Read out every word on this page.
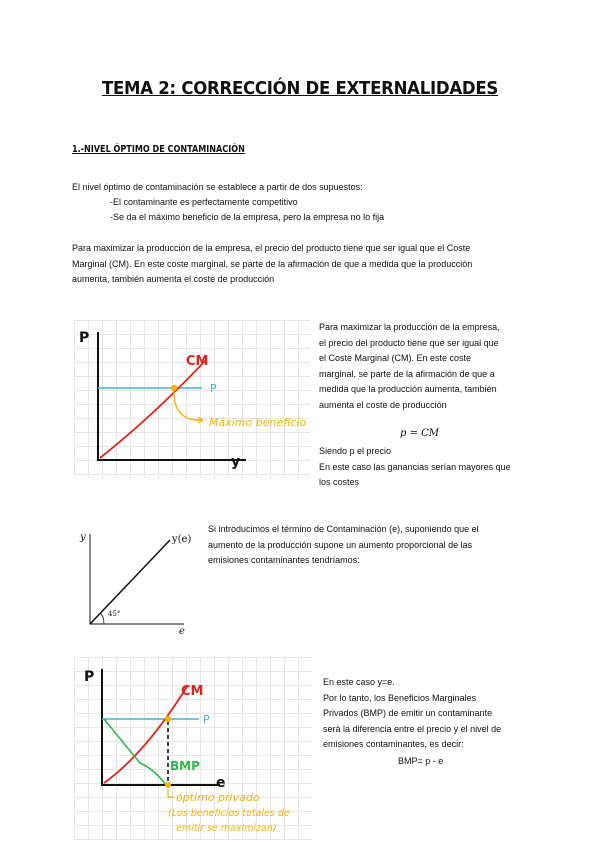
TEMA 2: CORRECCIÓN DE EXTERNALIDADES
1.-NIVEL ÓPTIMO DE CONTAMINACIÓN
El nivel óptimo de contaminación se establece a partir de dos supuestos:
-El contaminante es perfectamente competitivo
-Se da el máximo beneficio de la empresa, pero la empresa no lo fija
Para maximizar la producción de la empresa, el precio del producto tiene que ser igual que el Coste
Marginal (CM). En este coste marginal, se parte de la afirmación de que a medida que la producción
aumenta, también aumenta el coste de producción
P
y
CM
P
Máximo beneficio
Para maximizar la producción de la empresa,
el precio del producto tiene que ser igual que
el Coste Marginal (CM). En este coste
marginal, se parte de la afirmación de que a
medida que la producción aumenta, también
aumenta el coste de producción
p = CM
Siendo p el precio
En este caso las ganancias serían mayores que
los costes
y
e
y(e)
45°
Si introducimos el término de Contaminación (e), suponiendo que el
aumento de la producción supone un aumento proporcional de las
emisiones contaminantes tendríamos:
P
e
P
CM
BMP
óptimo privado
(Los beneficios totales de
emitir se maximizan)
En este caso y=e.
Por lo tanto, los Beneficios Marginales
Privados (BMP) de emitir un contaminante
será la diferencia entre el precio y el nivel de
emisiones contaminantes, es decir:
BMP= p - e
